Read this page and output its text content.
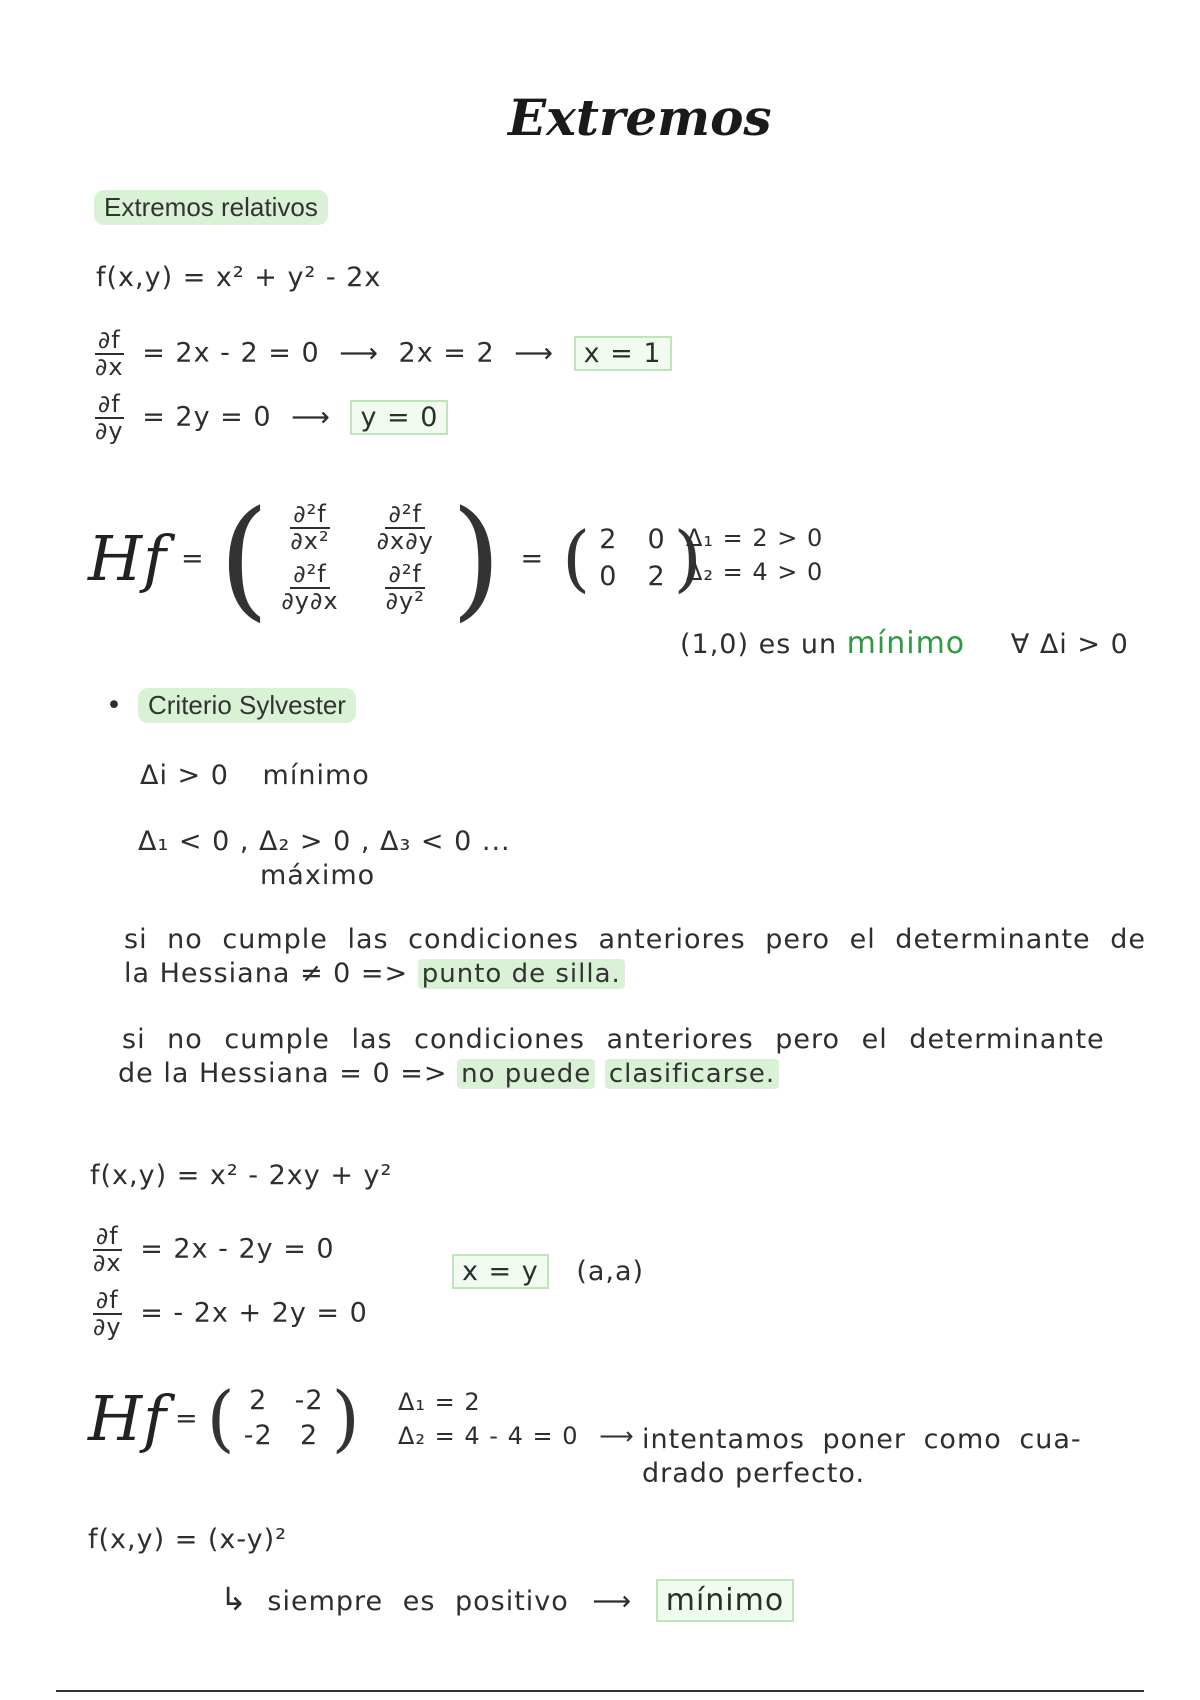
Extremos
Extremos relativos
f(x,y) = x² + y² - 2x
$\frac{\partial f}{\partial x} = 2x - 2 = 0$ ⟶ 2x = 2 ⟶ x = 1
$\frac{\partial f}{\partial y} = 2y = 0$ ⟶ y = 0
Hf = ( $\frac{\text{∂²f}}{\text{∂x²}} \frac{\text{∂²f}}{\partial x\partial y}$
$\frac{\text{∂²f}}{\partial y\partial x} \frac{\text{∂²f}}{\text{∂y²}}$ ) = ( 2 0
0 2 )
Δ₁ = 2 > 0
Δ₂ = 4 > 0
(1,0) es un mínimo ∀ Δi > 0
• Criterio Sylvester
Δi > 0 mínimo
Δ₁ < 0 , Δ₂ > 0 , Δ₃ < 0 ...
máximo
si no cumple las condiciones anteriores pero el determinante de
la Hessiana ≠ 0 => punto de silla.
si no cumple las condiciones anteriores pero el determinante
de la Hessiana = 0 => no puede clasificarse.
f(x,y) = x² - 2xy + y²
$\frac{\partial f}{\partial x} = 2x - 2y = 0$
$\frac{\partial f}{\partial y}$ = - 2x + 2y = 0
x = y (a,a)
Hf = ( 2 -2
-2 2 ) Δ₁ = 2
Δ₂ = 4 - 4 = 0 ⟶ intentamos poner como cua-
drado perfecto.
f(x,y) = (x-y)²
↳ siempre es positivo ⟶ mínimo
